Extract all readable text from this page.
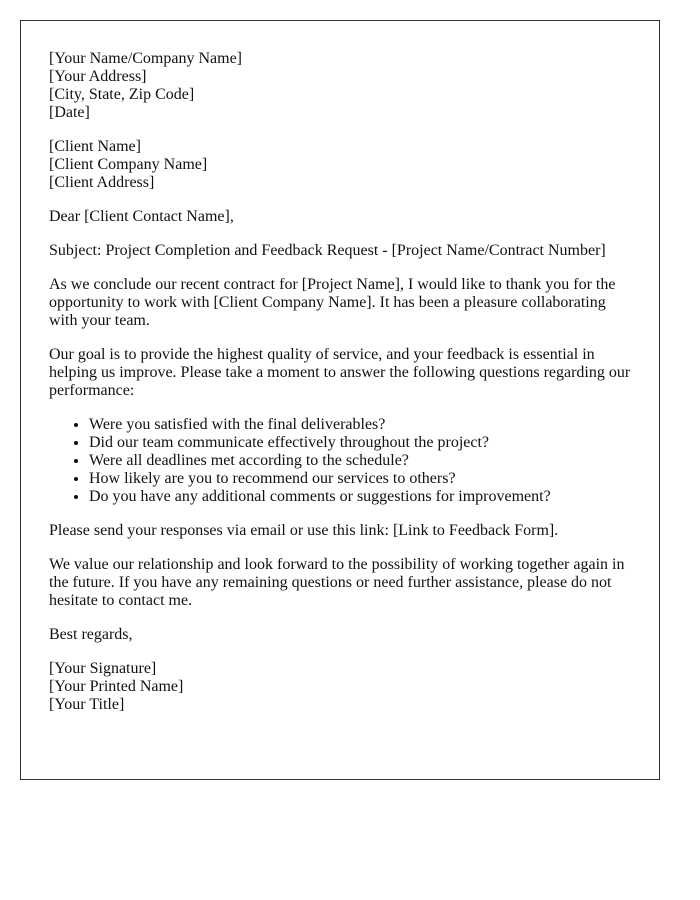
[Your Name/Company Name]
[Your Address]
[City, State, Zip Code]
[Date]
[Client Name]
[Client Company Name]
[Client Address]

Dear [Client Contact Name],

Subject: Project Completion and Feedback Request - [Project Name/Contract Number]

As we conclude our recent contract for [Project Name], I would like to thank you for the opportunity to work with [Client Company Name]. It has been a pleasure collaborating with your team.

Our goal is to provide the highest quality of service, and your feedback is essential in helping us improve. Please take a moment to answer the following questions regarding our performance:

• Were you satisfied with the final deliverables?
• Did our team communicate effectively throughout the project?
• Were all deadlines met according to the schedule?
• How likely are you to recommend our services to others?
• Do you have any additional comments or suggestions for improvement?

Please send your responses via email or use this link: [Link to Feedback Form].

We value our relationship and look forward to the possibility of working together again in the future. If you have any remaining questions or need further assistance, please do not hesitate to contact me.

Best regards,

[Your Signature]
[Your Printed Name]
[Your Title]
